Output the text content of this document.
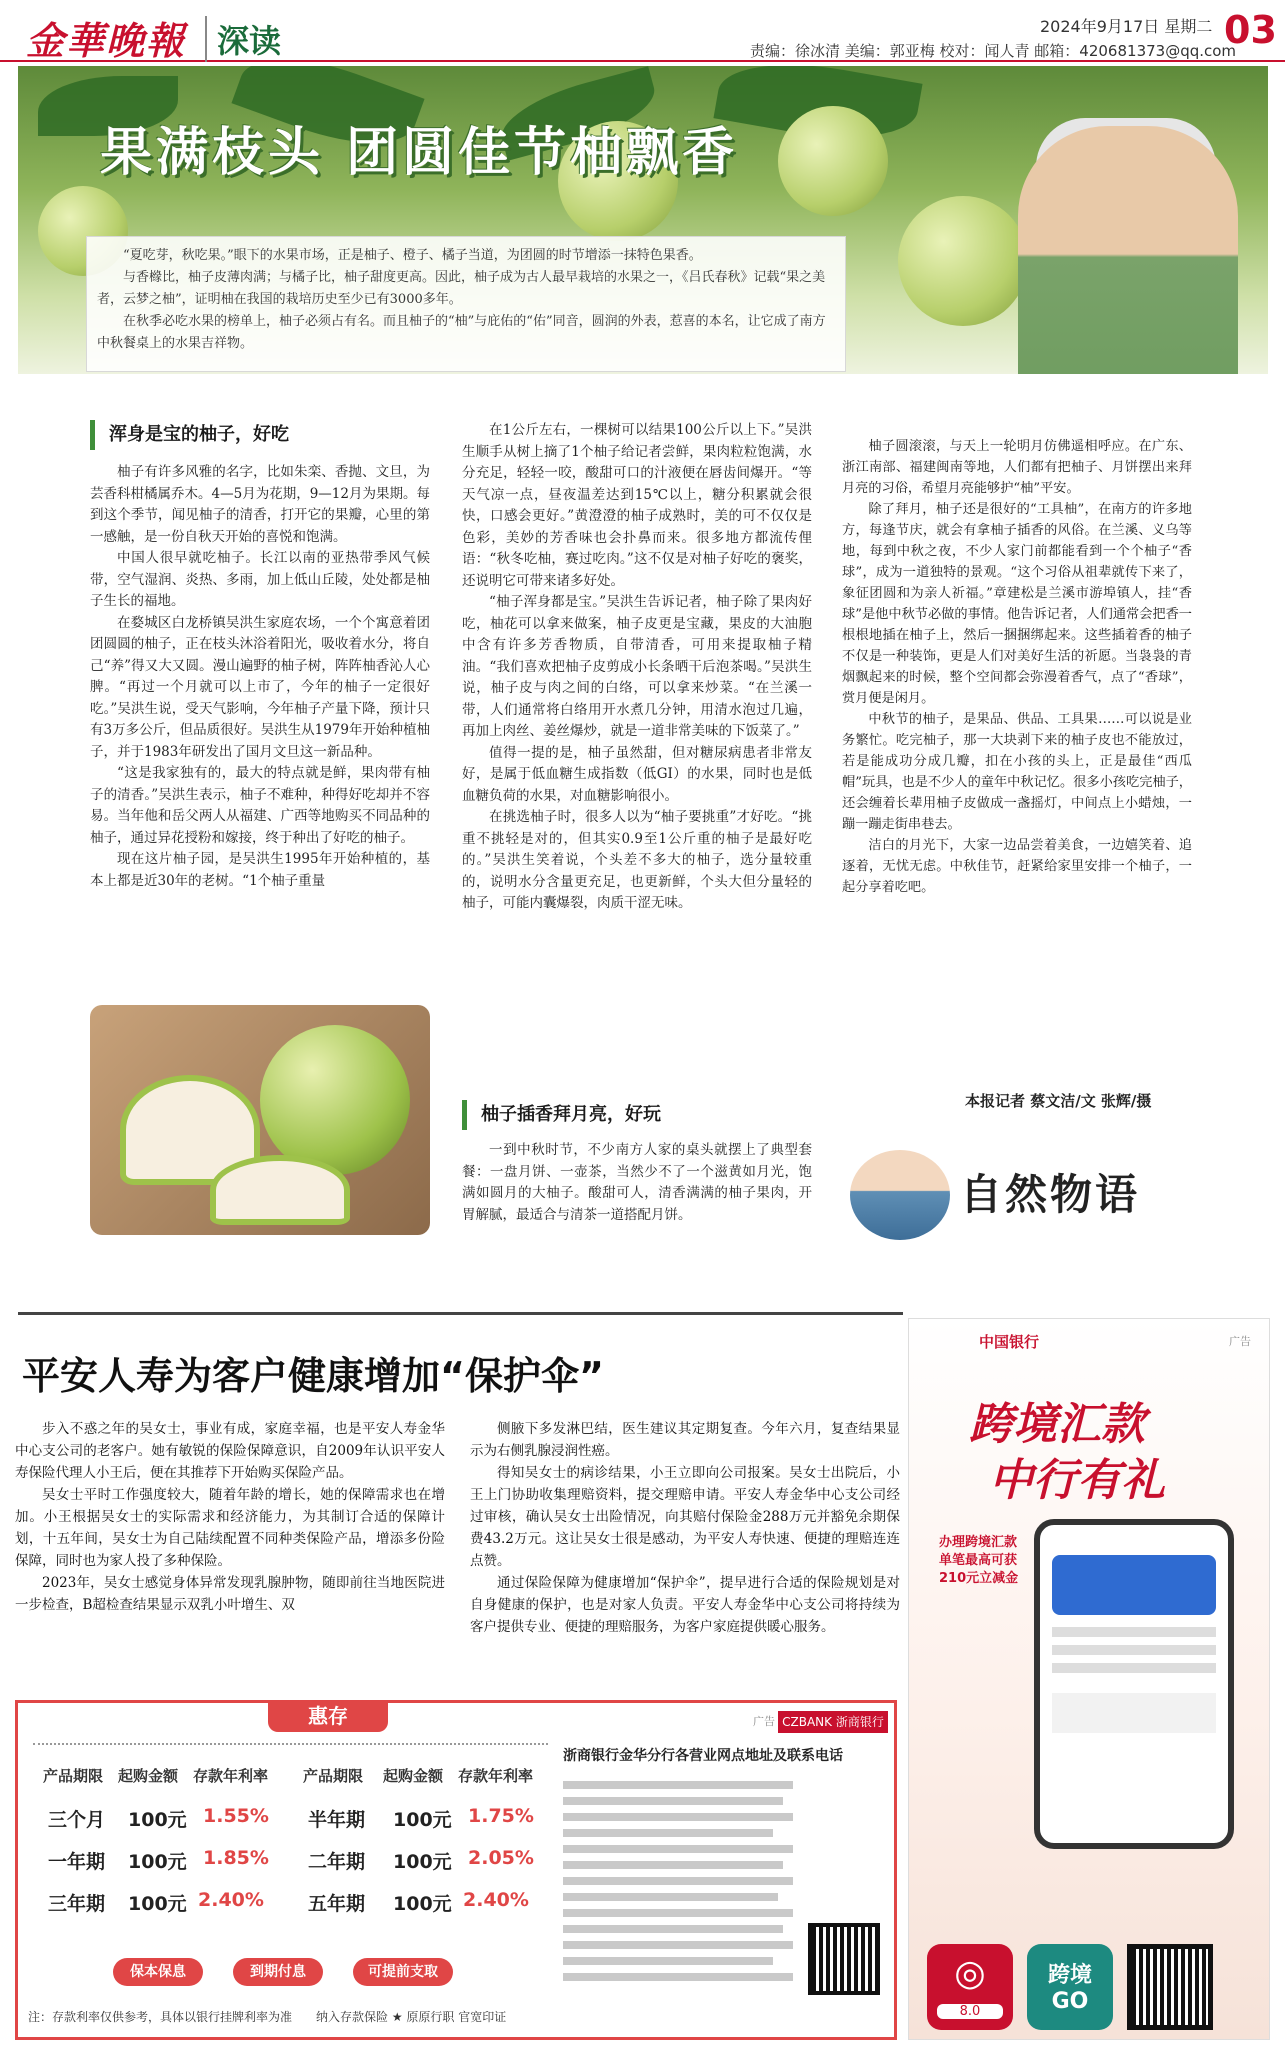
金華晚報 深读	责编：徐冰清 美编：郭亚梅 校对：闻人青 邮箱：420681373@qq.com
2024年9月17日 星期二 03
果满枝头 团圆佳节柚飘香

“夏吃芽，秋吃果。”眼下的水果市场，正是柚子、橙子、橘子当道，为团圆的时节增添一抹特色果香。

与香橼比，柚子皮薄肉满；与橘子比，柚子甜度更高。因此，柚子成为古人最早栽培的水果之一，《吕氏春秋》记载“果之美者，云梦之柚”，证明柚在我国的栽培历史至少已有3000多年。

在秋季必吃水果的榜单上，柚子必须占有名。而且柚子的“柚”与庇佑的“佑”同音，圆润的外表，惹喜的本名，让它成了南方中秋餐桌上的水果吉祥物。

浑身是宝的柚子，好吃

柚子有许多风雅的名字，比如朱栾、香抛、文旦，为芸香科柑橘属乔木。4—5月为花期，9—12月为果期。每到这个季节，闻见柚子的清香，打开它的果瓣，心里的第一感触，是一份自秋天开始的喜悦和饱满。

中国人很早就吃柚子。长江以南的亚热带季风气候带，空气湿润、炎热、多雨，加上低山丘陵，处处都是柚子生长的福地。

在婺城区白龙桥镇吴洪生家庭农场，一个个寓意着团团圆圆的柚子，正在枝头沐浴着阳光，吸收着水分，将自己“养”得又大又圆。漫山遍野的柚子树，阵阵柚香沁人心脾。“再过一个月就可以上市了，今年的柚子一定很好吃。”吴洪生说，受天气影响，今年柚子产量下降，预计只有3万多公斤，但品质很好。吴洪生从1979年开始种植柚子，并于1983年研发出了国月文旦这一新品种。

“这是我家独有的，最大的特点就是鲜，果肉带有柚子的清香。”吴洪生表示，柚子不难种，种得好吃却并不容易。当年他和岳父两人从福建、广西等地购买不同品种的柚子，通过异花授粉和嫁接，终于种出了好吃的柚子。

现在这片柚子园，是吴洪生1995年开始种植的，基本上都是近30年的老树。“1个柚子重量

在1公斤左右，一棵树可以结果100公斤以上下。”吴洪生顺手从树上摘了1个柚子给记者尝鲜，果肉粒粒饱满，水分充足，轻轻一咬，酸甜可口的汁液便在唇齿间爆开。“等天气凉一点，昼夜温差达到15℃以上，糖分积累就会很快，口感会更好。”黄澄澄的柚子成熟时，美的可不仅仅是色彩，美妙的芳香味也会扑鼻而来。很多地方都流传俚语：“秋冬吃柚，赛过吃肉。”这不仅是对柚子好吃的褒奖，还说明它可带来诸多好处。

“柚子浑身都是宝。”吴洪生告诉记者，柚子除了果肉好吃，柚花可以拿来做案，柚子皮更是宝藏，果皮的大油胞中含有许多芳香物质，自带清香，可用来提取柚子精油。“我们喜欢把柚子皮剪成小长条晒干后泡茶喝。”吴洪生说，柚子皮与肉之间的白络，可以拿来炒菜。“在兰溪一带，人们通常将白络用开水煮几分钟，用清水泡过几遍，再加上肉丝、姜丝爆炒，就是一道非常美味的下饭菜了。”

值得一提的是，柚子虽然甜，但对糖尿病患者非常友好，是属于低血糖生成指数（低GI）的水果，同时也是低血糖负荷的水果，对血糖影响很小。

在挑选柚子时，很多人以为“柚子要挑重”才好吃。“挑重不挑轻是对的，但其实0.9至1公斤重的柚子是最好吃的。”吴洪生笑着说，个头差不多大的柚子，选分量较重的，说明水分含量更充足，也更新鲜，个头大但分量轻的柚子，可能内囊爆裂，肉质干涩无味。

柚子插香拜月亮，好玩

一到中秋时节，不少南方人家的桌头就摆上了典型套餐：一盘月饼、一壶茶，当然少不了一个滋黄如月光，饱满如圆月的大柚子。酸甜可人，清香满满的柚子果肉，开胃解腻，最适合与清茶一道搭配月饼。

柚子圆滚滚，与天上一轮明月仿佛遥相呼应。在广东、浙江南部、福建闽南等地，人们都有把柚子、月饼摆出来拜月亮的习俗，希望月亮能够护“柚”平安。

除了拜月，柚子还是很好的“工具柚”，在南方的许多地方，每逢节庆，就会有拿柚子插香的风俗。在兰溪、义乌等地，每到中秋之夜，不少人家门前都能看到一个个柚子“香球”，成为一道独特的景观。“这个习俗从祖辈就传下来了，象征团圆和为亲人祈福。”章建松是兰溪市游埠镇人，挂“香球”是他中秋节必做的事情。他告诉记者，人们通常会把香一根根地插在柚子上，然后一捆捆绑起来。这些插着香的柚子不仅是一种装饰，更是人们对美好生活的祈愿。当袅袅的青烟飘起来的时候，整个空间都会弥漫着香气，点了“香球”，赏月便是闲月。

中秋节的柚子，是果品、供品、工具果……可以说是业务繁忙。吃完柚子，那一大块剥下来的柚子皮也不能放过，若是能成功分成几瓣，扣在小孩的头上，正是最佳“西瓜帽”玩具，也是不少人的童年中秋记忆。很多小孩吃完柚子，还会缠着长辈用柚子皮做成一盏摇灯，中间点上小蜡烛，一蹦一蹦走街串巷去。

洁白的月光下，大家一边品尝着美食，一边嬉笑着、追逐着，无忧无虑。中秋佳节，赶紧给家里安排一个柚子，一起分享着吃吧。

本报记者 蔡文洁/文 张辉/摄
自然物语
平安人寿为客户健康增加“保护伞”

步入不惑之年的吴女士，事业有成，家庭幸福，也是平安人寿金华中心支公司的老客户。她有敏锐的保险保障意识，自2009年认识平安人寿保险代理人小王后，便在其推荐下开始购买保险产品。

吴女士平时工作强度较大，随着年龄的增长，她的保障需求也在增加。小王根据吴女士的实际需求和经济能力，为其制订合适的保障计划，十五年间，吴女士为自己陆续配置不同种类保险产品，增添多份险保障，同时也为家人投了多种保险。

2023年，吴女士感觉身体异常发现乳腺肿物，随即前往当地医院进一步检查，B超检查结果显示双乳小叶增生、双

侧腋下多发淋巴结，医生建议其定期复查。今年六月，复查结果显示为右侧乳腺浸润性癌。

得知吴女士的病诊结果，小王立即向公司报案。吴女士出院后，小王上门协助收集理赔资料，提交理赔申请。平安人寿金华中心支公司经过审核，确认吴女士出险情况，向其赔付保险金288万元并豁免余期保费43.2万元。这让吴女士很是感动，为平安人寿快速、便捷的理赔连连点赞。

通过保险保障为健康增加“保护伞”，提早进行合适的保险规划是对自身健康的保护，也是对家人负责。平安人寿金华中心支公司将持续为客户提供专业、便捷的理赔服务，为客户家庭提供暖心服务。

惠存	广告 CZBANK 浙商银行
产品期限 起购金额 存款年利率 产品期限 起购金额 存款年利率
三个月 100元 1.55%
一年期 100元 1.85%
三年期 100元 2.40%
半年期 100元 1.75%
二年期 100元 2.05%
五年期 100元 2.40%
保本保息	到期付息	可提前支取
注：存款利率仅供参考，具体以银行挂牌利率为准　　 纳入存款保险 ★ 原原行职 官宽印证
浙商银行金华分行各营业网点地址及联系电话
中国银行	广告
跨境汇款
中行有礼
办理跨境汇款
单笔最高可获
210元立减金
◎
8.0
跨境
GO
